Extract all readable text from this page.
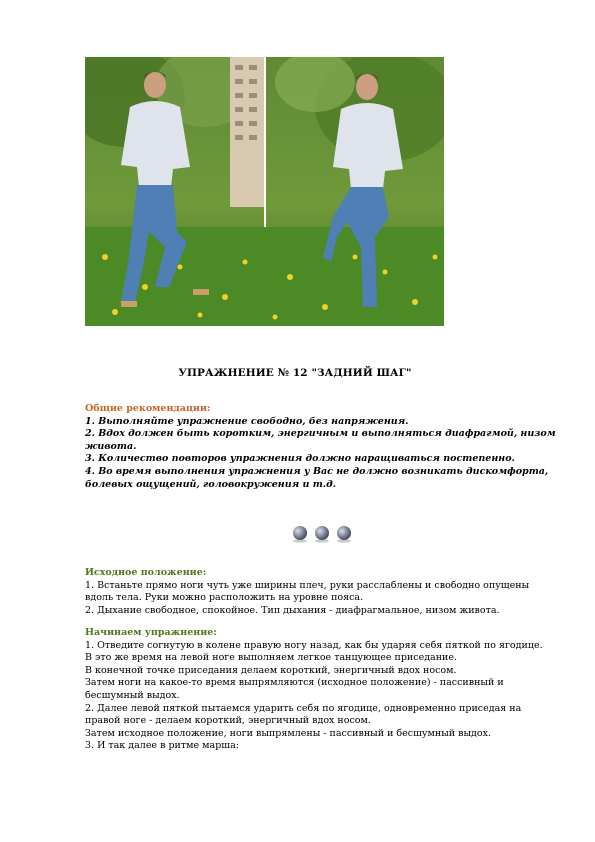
УПРАЖНЕНИЕ № 12 "ЗАДНИЙ ШАГ"
Общие рекомендации:
1. Выполняйте упражнение свободно, без напряжения.
2. Вдох должен быть коротким, энергичным и выполняться диафрагмой, низом
живота.
3. Количество повторов упражнения должно наращиваться постепенно.
4. Во время выполнения упражнения у Вас не должно возникать дискомфорта,
болевых ощущений, головокружения и т.д.
Исходное положение:
1. Встаньте прямо ноги чуть уже ширины плеч, руки расслаблены и свободно опущены
вдоль тела. Руки можно расположить на уровне пояса.
2. Дыхание свободное, спокойное. Тип дыхания - диафрагмальное, низом живота.
Начинаем упражнение:
1. Отведите согнутую в колене правую ногу назад, как бы ударяя себя пяткой по ягодице.
В это же время на левой ноге выполняем легкое танцующее приседание.
В конечной точке приседания делаем короткий, энергичный вдох носом.
Затем ноги на какое-то время выпрямляются (исходное положение) - пассивный и
бесшумный выдох.
2. Далее левой пяткой пытаемся ударить себя по ягодице, одновременно приседая на
правой ноге - делаем короткий, энергичный вдох носом.
Затем исходное положение, ноги выпрямлены - пассивный и бесшумный выдох.
3. И так далее в ритме марша:
